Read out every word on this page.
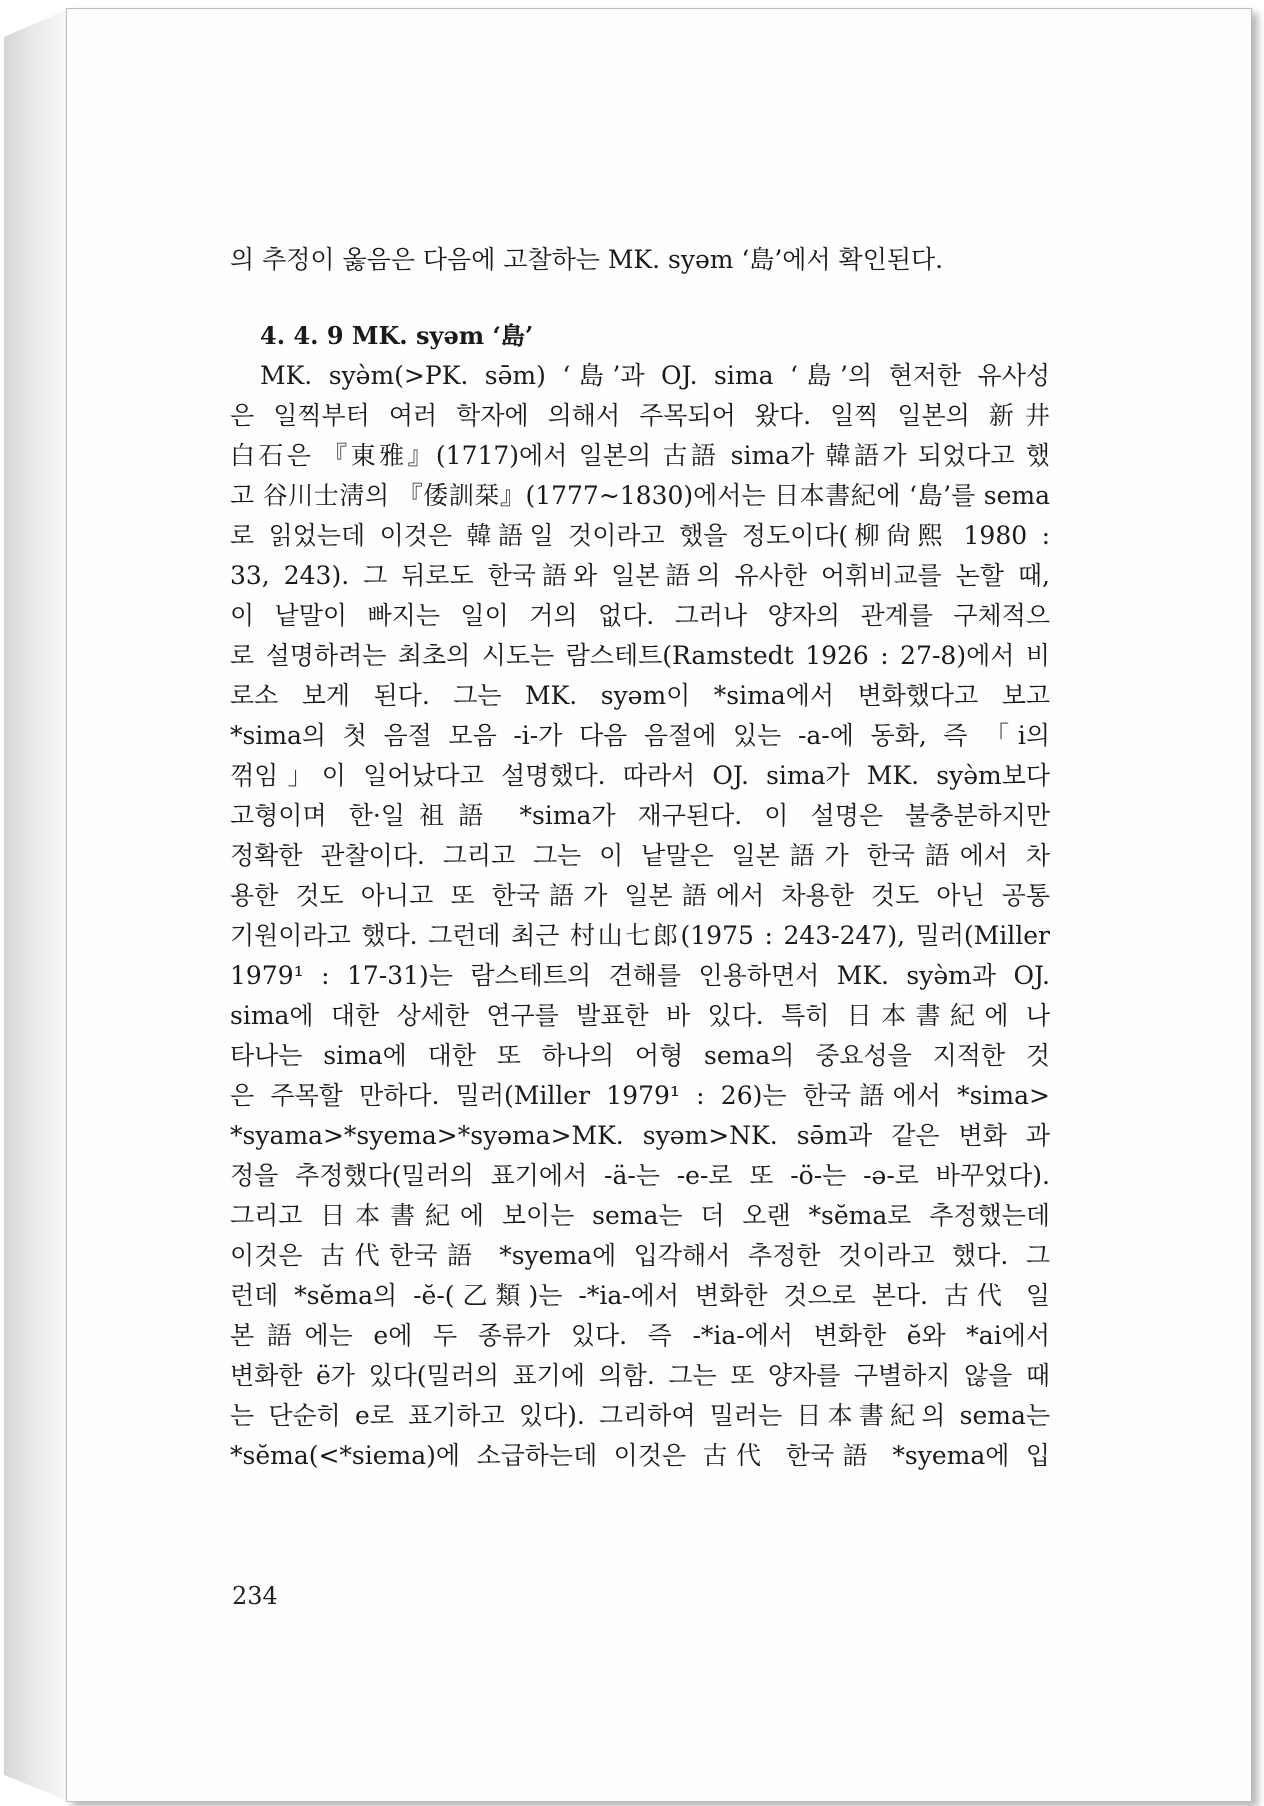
의 추정이 옳음은 다음에 고찰하는 MK. syəm ‘島’에서 확인된다.
4. 4. 9 MK. syəm ‘島’
MK. syə̀m(>PK. sə̄m) ‘島’과 OJ. sima ‘島’의 현저한 유사성
은 일찍부터 여러 학자에 의해서 주목되어 왔다. 일찍 일본의 新井
白石은 『東雅』(1717)에서 일본의 古語 sima가 韓語가 되었다고 했
고 谷川士淸의 『倭訓栞』(1777~1830)에서는 日本書紀에 ‘島’를 sema
로 읽었는데 이것은 韓語일 것이라고 했을 정도이다(柳尙熙 1980 :
33, 243). 그 뒤로도 한국語와 일본語의 유사한 어휘비교를 논할 때,
이 낱말이 빠지는 일이 거의 없다. 그러나 양자의 관계를 구체적으
로 설명하려는 최초의 시도는 람스테트(Ramstedt 1926 : 27-8)에서 비
로소 보게 된다. 그는 MK. syəm이 *sima에서 변화했다고 보고
*sima의 첫 음절 모음 -i-가 다음 음절에 있는 -a-에 동화, 즉 「i의
꺾임」이 일어났다고 설명했다. 따라서 OJ. sima가 MK. syə̀m보다
고형이며 한·일祖語 *sima가 재구된다. 이 설명은 불충분하지만
정확한 관찰이다. 그리고 그는 이 낱말은 일본語가 한국語에서 차
용한 것도 아니고 또 한국語가 일본語에서 차용한 것도 아닌 공통
기원이라고 했다. 그런데 최근 村山七郎(1975 : 243-247), 밀러(Miller
1979¹ : 17-31)는 람스테트의 견해를 인용하면서 MK. syə̀m과 OJ.
sima에 대한 상세한 연구를 발표한 바 있다. 특히 日本書紀에 나
타나는 sima에 대한 또 하나의 어형 sema의 중요성을 지적한 것
은 주목할 만하다. 밀러(Miller 1979¹ : 26)는 한국語에서 *sima>
*syama>*syema>*syəma>MK. syəm>NK. sə̄m과 같은 변화 과
정을 추정했다(밀러의 표기에서 -ä-는 -e-로 또 -ö-는 -ə-로 바꾸었다).
그리고 日本書紀에 보이는 sema는 더 오랜 *sĕma로 추정했는데
이것은 古代한국語 *syema에 입각해서 추정한 것이라고 했다. 그
런데 *sĕma의 -ĕ-(乙類)는 -*ia-에서 변화한 것으로 본다. 古代 일
본語에는 e에 두 종류가 있다. 즉 -*ia-에서 변화한 ĕ와 *ai에서
변화한 ë가 있다(밀러의 표기에 의함. 그는 또 양자를 구별하지 않을 때
는 단순히 e로 표기하고 있다). 그리하여 밀러는 日本書紀의 sema는
*sĕma(<*siema)에 소급하는데 이것은 古代 한국語 *syema에 입
234
